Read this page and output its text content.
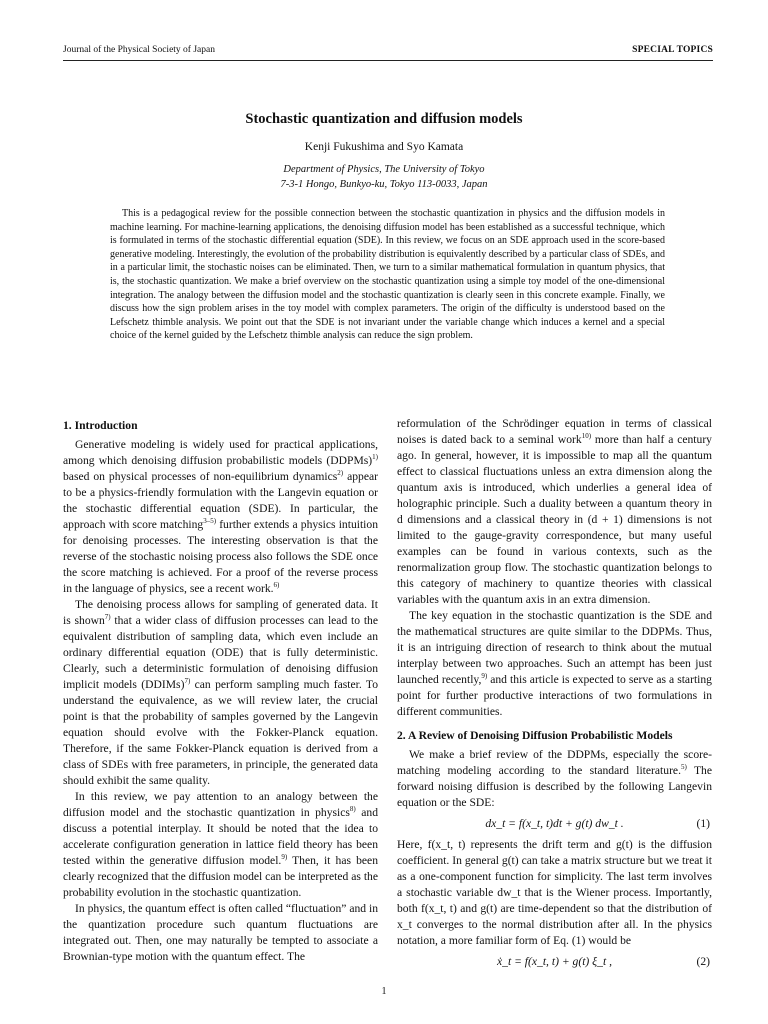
Journal of the Physical Society of Japan	SPECIAL TOPICS
Stochastic quantization and diffusion models
Kenji Fukushima and Syo Kamata
Department of Physics, The University of Tokyo
7-3-1 Hongo, Bunkyo-ku, Tokyo 113-0033, Japan

This is a pedagogical review for the possible connection between the stochastic quantization in physics and the diffusion models in machine learning. For machine-learning applications, the denoising diffusion model has been established as a successful technique, which is formulated in terms of the stochastic differential equation (SDE). In this review, we focus on an SDE approach used in the score-based generative modeling. Interestingly, the evolution of the probability distribution is equivalently described by a particular class of SDEs, and in a particular limit, the stochastic noises can be eliminated. Then, we turn to a similar mathematical formulation in quantum physics, that is, the stochastic quantization. We make a brief overview on the stochastic quantization using a simple toy model of the one-dimensional integration. The analogy between the diffusion model and the stochastic quantization is clearly seen in this concrete example. Finally, we discuss how the sign problem arises in the toy model with complex parameters. The origin of the difficulty is understood based on the Lefschetz thimble analysis. We point out that the SDE is not invariant under the variable change which induces a kernel and a special choice of the kernel guided by the Lefschetz thimble analysis can reduce the sign problem.

1. Introduction

Generative modeling is widely used for practical applications, among which denoising diffusion probabilistic models (DDPMs)$^{1)}$ based on physical processes of non-equilibrium dynamics$^{2)}$ appear to be a physics-friendly formulation with the Langevin equation or the stochastic differential equation (SDE). In particular, the approach with score matching$^{3-5)}$ further extends a physics intuition for denoising processes. The interesting observation is that the reverse of the stochastic noising process also follows the SDE once the score matching is achieved. For a proof of the reverse process in the language of physics, see a recent work.$^{6)}$

The denoising process allows for sampling of generated data. It is shown$^{7)}$ that a wider class of diffusion processes can lead to the equivalent distribution of sampling data, which even include an ordinary differential equation (ODE) that is fully deterministic. Clearly, such a deterministic formulation of denoising diffusion implicit models (DDIMs)$^{7)}$ can perform sampling much faster. To understand the equivalence, as we will review later, the crucial point is that the probability of samples governed by the Langevin equation should evolve with the Fokker-Planck equation. Therefore, if the same Fokker-Planck equation is derived from a class of SDEs with free parameters, in principle, the generated data should exhibit the same quality.

In this review, we pay attention to an analogy between the diffusion model and the stochastic quantization in physics$^{8)}$ and discuss a potential interplay. It should be noted that the idea to accelerate configuration generation in lattice field theory has been tested within the generative diffusion model.$^{9)}$ Then, it has been clearly recognized that the diffusion model can be interpreted as the probability evolution in the stochastic quantization.

In physics, the quantum effect is often called “fluctuation” and in the quantization procedure such quantum fluctuations are integrated out. Then, one may naturally be tempted to associate a Brownian-type motion with the quantum effect. The

reformulation of the Schrödinger equation in terms of classical noises is dated back to a seminal work$^{10)}$ more than half a century ago. In general, however, it is impossible to map all the quantum effect to classical fluctuations unless an extra dimension along the quantum axis is introduced, which underlies a general idea of holographic principle. Such a duality between a quantum theory in d dimensions and a classical theory in (d + 1) dimensions is not limited to the gauge-gravity correspondence, but many useful examples can be found in various contexts, such as the renormalization group flow. The stochastic quantization belongs to this category of machinery to quantize theories with classical variables with the quantum axis in an extra dimension.

The key equation in the stochastic quantization is the SDE and the mathematical structures are quite similar to the DDPMs. Thus, it is an intriguing direction of research to think about the mutual interplay between two approaches. Such an attempt has been just launched recently,$^{9)}$ and this article is expected to serve as a starting point for further productive interactions of two formulations in different communities.

2. A Review of Denoising Diffusion Probabilistic Models

We make a brief review of the DDPMs, especially the score-matching modeling according to the standard literature.$^{5)}$ The forward noising diffusion is described by the following Langevin equation or the SDE:

dx_t = f(x_t, t)dt + g(t) dw_t .	(1)

Here, f(x_t, t) represents the drift term and g(t) is the diffusion coefficient. In general g(t) can take a matrix structure but we treat it as a one-component function for simplicity. The last term involves a stochastic variable dw_t that is the Wiener process. Importantly, both f(x_t, t) and g(t) are time-dependent so that the distribution of x_t converges to the normal distribution after all. In the physics notation, a more familiar form of Eq. (1) would be

ẋ_t = f(x_t, t) + g(t) ξ_t ,	(2)
1
